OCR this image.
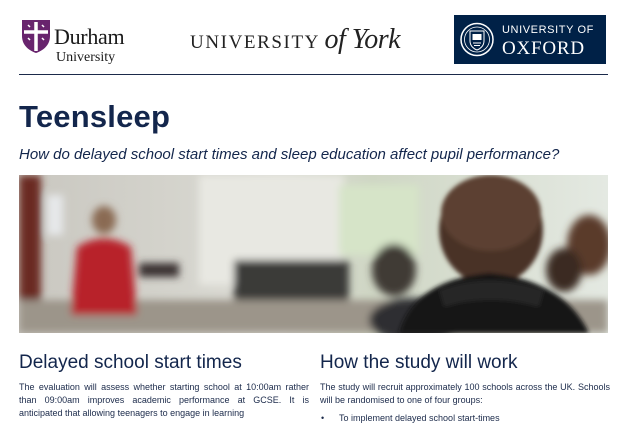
Durham
University
UNIVERSITY of York	UNIVERSITY OF
OXFORD
Teensleep
How do delayed school start times and sleep education affect pupil performance?
Delayed school start times

The evaluation will assess whether starting school at 10:00am rather than 09:00am improves academic performance at GCSE. It is anticipated that allowing teenagers to engage in learning

How the study will work

The study will recruit approximately 100 schools across the UK. Schools will be randomised to one of four groups:

• To implement delayed school start-times
